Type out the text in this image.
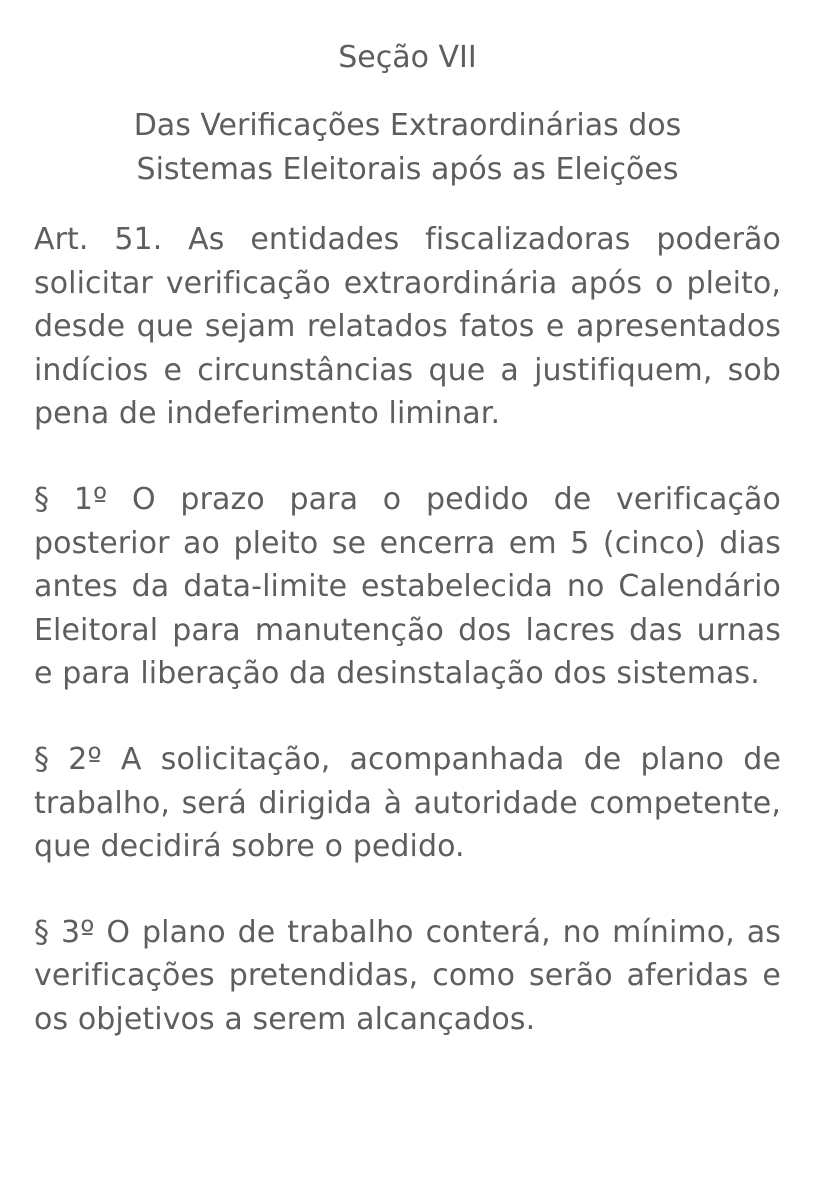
Seção VII
Das Verificações Extraordinárias dos
Sistemas Eleitorais após as Eleições

Art. 51. As entidades fiscalizadoras poderão solicitar verificação extraordinária após o pleito, desde que sejam relatados fatos e apresentados indícios e circunstâncias que a justifiquem, sob pena de indeferimento liminar.

§ 1º O prazo para o pedido de verificação posterior ao pleito se encerra em 5 (cinco) dias antes da data-limite estabelecida no Calendário Eleitoral para manutenção dos lacres das urnas e para liberação da desinstalação dos sistemas.

§ 2º A solicitação, acompanhada de plano de trabalho, será dirigida à autoridade competente, que decidirá sobre o pedido.

§ 3º O plano de trabalho conterá, no mínimo, as verificações pretendidas, como serão aferidas e os objetivos a serem alcançados.
